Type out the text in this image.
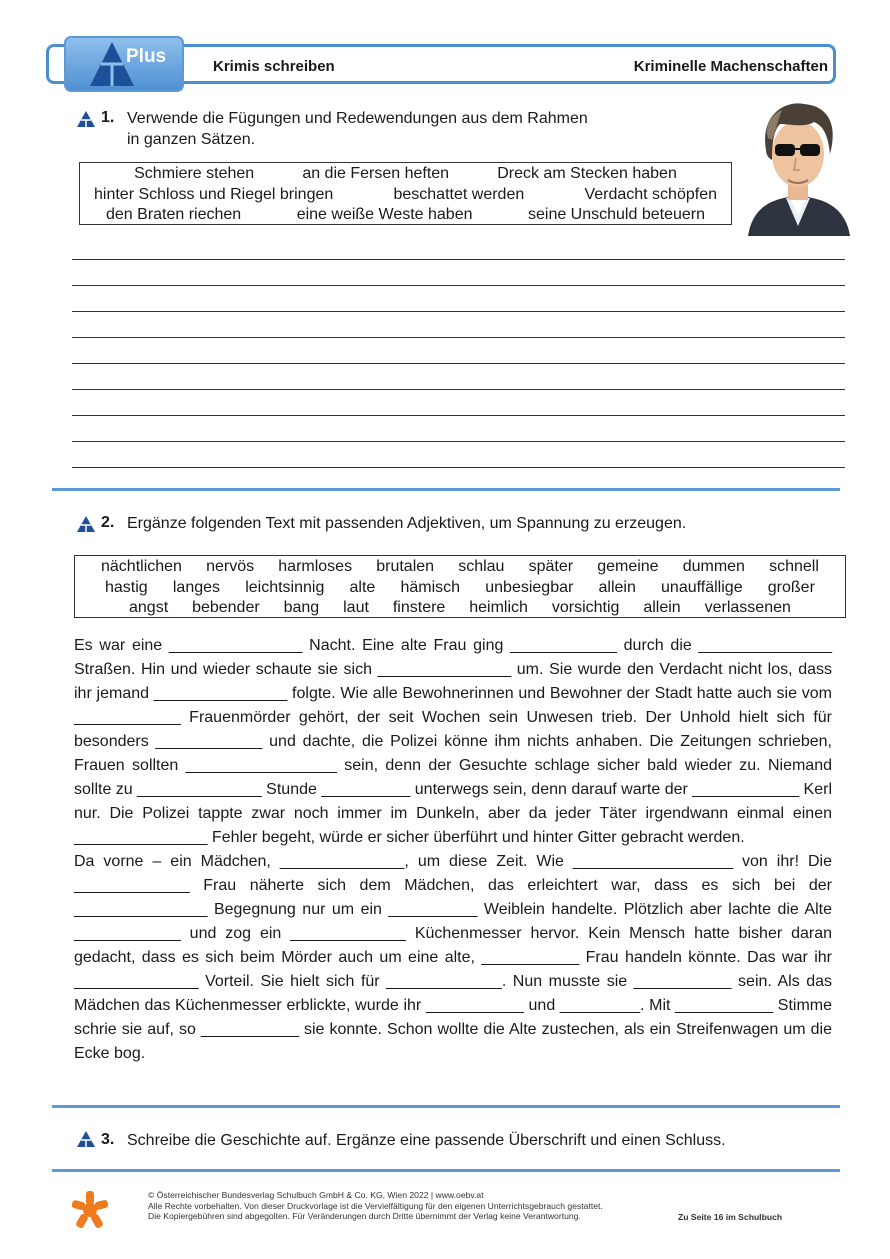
Plus	Krimis schreiben	Kriminelle Machenschaften
1. Verwende die Fügungen und Redewendungen aus dem Rahmen
in ganzen Sätzen.
Schmiere stehen	an die Fersen heften	Dreck am Stecken haben
hinter Schloss und Riegel bringen	beschattet werden	Verdacht schöpfen
den Braten riechen	eine weiße Weste haben	seine Unschuld beteuern
2. Ergänze folgenden Text mit passenden Adjektiven, um Spannung zu erzeugen.
nächtlichen nervös harmloses brutalen schlau später gemeine dummen schnell
hastig langes leichtsinnig alte hämisch unbesiegbar allein unauffällige großer
angst bebender bang laut finstere heimlich vorsichtig allein verlassenen

Es war eine _______________ Nacht. Eine alte Frau ging ____________ durch die _______________ Straßen. Hin und wieder schaute sie sich _______________ um. Sie wurde den Verdacht nicht los, dass ihr jemand _______________ folgte. Wie alle Bewohnerinnen und Bewohner der Stadt hatte auch sie vom ____________ Frauenmörder gehört, der seit Wochen sein Unwesen trieb. Der Unhold hielt sich für besonders ____________ und dachte, die Polizei könne ihm nichts anhaben. Die Zeitungen schrieben, Frauen sollten _________________ sein, denn der Gesuchte schlage sicher bald wieder zu. Niemand sollte zu ______________ Stunde __________ unterwegs sein, denn darauf warte der ____________ Kerl nur. Die Polizei tappte zwar noch immer im Dunkeln, aber da jeder Täter irgendwann einmal einen _______________ Fehler begeht, würde er sicher überführt und hinter Gitter gebracht werden.

Da vorne – ein Mädchen, ______________, um diese Zeit. Wie __________________ von ihr! Die _____________ Frau näherte sich dem Mädchen, das erleichtert war, dass es sich bei der _______________ Begegnung nur um ein __________ Weiblein handelte. Plötzlich aber lachte die Alte ____________ und zog ein _____________ Küchenmesser hervor. Kein Mensch hatte bisher daran gedacht, dass es sich beim Mörder auch um eine alte, ___________ Frau handeln könnte. Das war ihr ______________ Vorteil. Sie hielt sich für _____________. Nun musste sie ___________ sein. Als das Mädchen das Küchenmesser erblickte, wurde ihr ___________ und _________. Mit ___________ Stimme schrie sie auf, so ___________ sie konnte. Schon wollte die Alte zustechen, als ein Streifenwagen um die Ecke bog.

3. Schreibe die Geschichte auf. Ergänze eine passende Überschrift und einen Schluss.
© Österreichischer Bundesverlag Schulbuch GmbH & Co. KG, Wien 2022 | www.oebv.at
Alle Rechte vorbehalten. Von dieser Druckvorlage ist die Vervielfältigung für den eigenen Unterrichtsgebrauch gestattet.
Die Kopiergebühren sind abgegolten. Für Veränderungen durch Dritte übernimmt der Verlag keine Verantwortung.	Zu Seite 16 im Schulbuch
